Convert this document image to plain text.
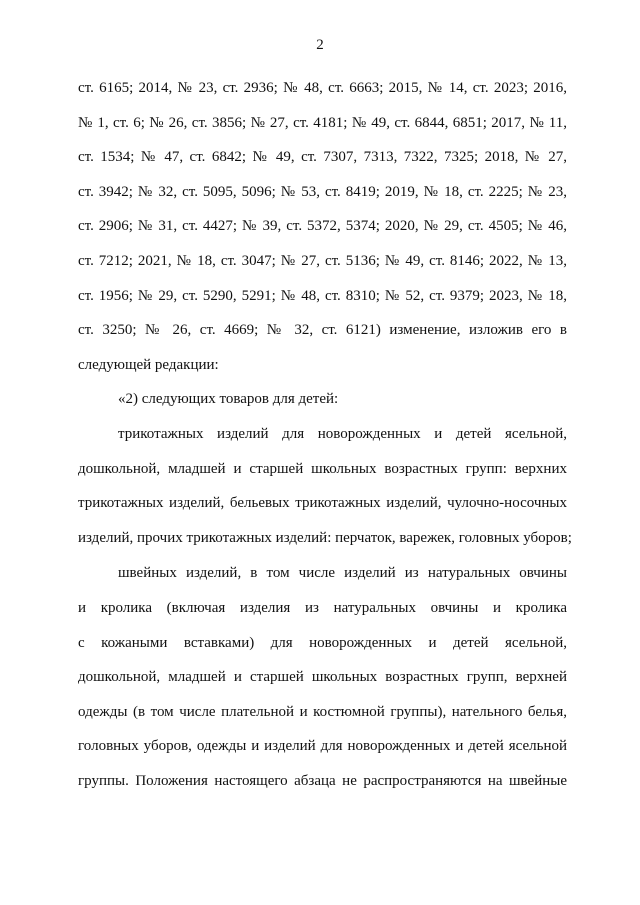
2
ст. 6165; 2014, № 23, ст. 2936; № 48, ст. 6663; 2015, № 14, ст. 2023; 2016,
№ 1, ст. 6; № 26, ст. 3856; № 27, ст. 4181; № 49, ст. 6844, 6851; 2017, № 11,
ст. 1534; № 47, ст. 6842; № 49, ст. 7307, 7313, 7322, 7325; 2018, № 27,
ст. 3942; № 32, ст. 5095, 5096; № 53, ст. 8419; 2019, № 18, ст. 2225; № 23,
ст. 2906; № 31, ст. 4427; № 39, ст. 5372, 5374; 2020, № 29, ст. 4505; № 46,
ст. 7212; 2021, № 18, ст. 3047; № 27, ст. 5136; № 49, ст. 8146; 2022, № 13,
ст. 1956; № 29, ст. 5290, 5291; № 48, ст. 8310; № 52, ст. 9379; 2023, № 18,
ст. 3250; № 26, ст. 4669; № 32, ст. 6121) изменение, изложив его в
следующей редакции:
«2) следующих товаров для детей:
трикотажных изделий для новорожденных и детей ясельной,
дошкольной, младшей и старшей школьных возрастных групп: верхних
трикотажных изделий, бельевых трикотажных изделий, чулочно-носочных
изделий, прочих трикотажных изделий: перчаток, варежек, головных уборов;
швейных изделий, в том числе изделий из натуральных овчины
и кролика (включая изделия из натуральных овчины и кролика
с кожаными вставками) для новорожденных и детей ясельной,
дошкольной, младшей и старшей школьных возрастных групп, верхней
одежды (в том числе плательной и костюмной группы), нательного белья,
головных уборов, одежды и изделий для новорожденных и детей ясельной
группы. Положения настоящего абзаца не распространяются на швейные
